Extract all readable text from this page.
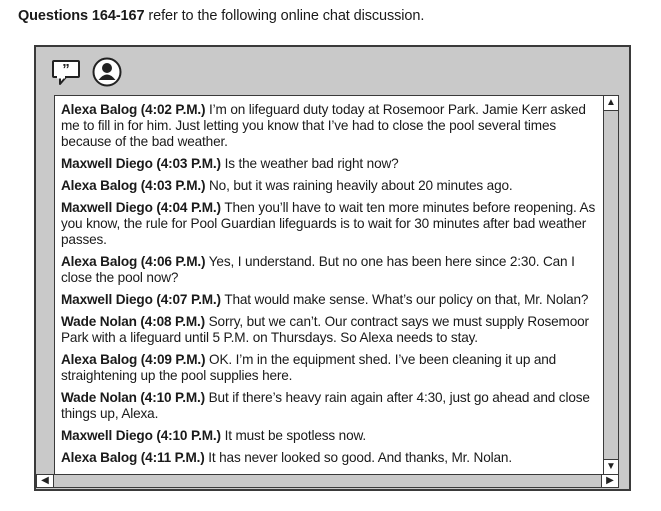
Questions 164-167 refer to the following online chat discussion.
”
Alexa Balog (4:02 P.M.) I’m on lifeguard duty today at Rosemoor Park. Jamie Kerr asked me to fill in for him. Just letting you know that I’ve had to close the pool several times because of the bad weather.
Maxwell Diego (4:03 P.M.) Is the weather bad right now?
Alexa Balog (4:03 P.M.) No, but it was raining heavily about 20 minutes ago.
Maxwell Diego (4:04 P.M.) Then you’ll have to wait ten more minutes before reopening. As you know, the rule for Pool Guardian lifeguards is to wait for 30 minutes after bad weather passes.
Alexa Balog (4:06 P.M.) Yes, I understand. But no one has been here since 2:30. Can I close the pool now?
Maxwell Diego (4:07 P.M.) That would make sense. What’s our policy on that, Mr. Nolan?
Wade Nolan (4:08 P.M.) Sorry, but we can’t. Our contract says we must supply Rosemoor Park with a lifeguard until 5 P.M. on Thursdays. So Alexa needs to stay.
Alexa Balog (4:09 P.M.) OK. I’m in the equipment shed. I’ve been cleaning it up and straightening up the pool supplies here.
Wade Nolan (4:10 P.M.) But if there’s heavy rain again after 4:30, just go ahead and close things up, Alexa.
Maxwell Diego (4:10 P.M.) It must be spotless now.
Alexa Balog (4:11 P.M.) It has never looked so good. And thanks, Mr. Nolan.
▲
▼
◀	▶
